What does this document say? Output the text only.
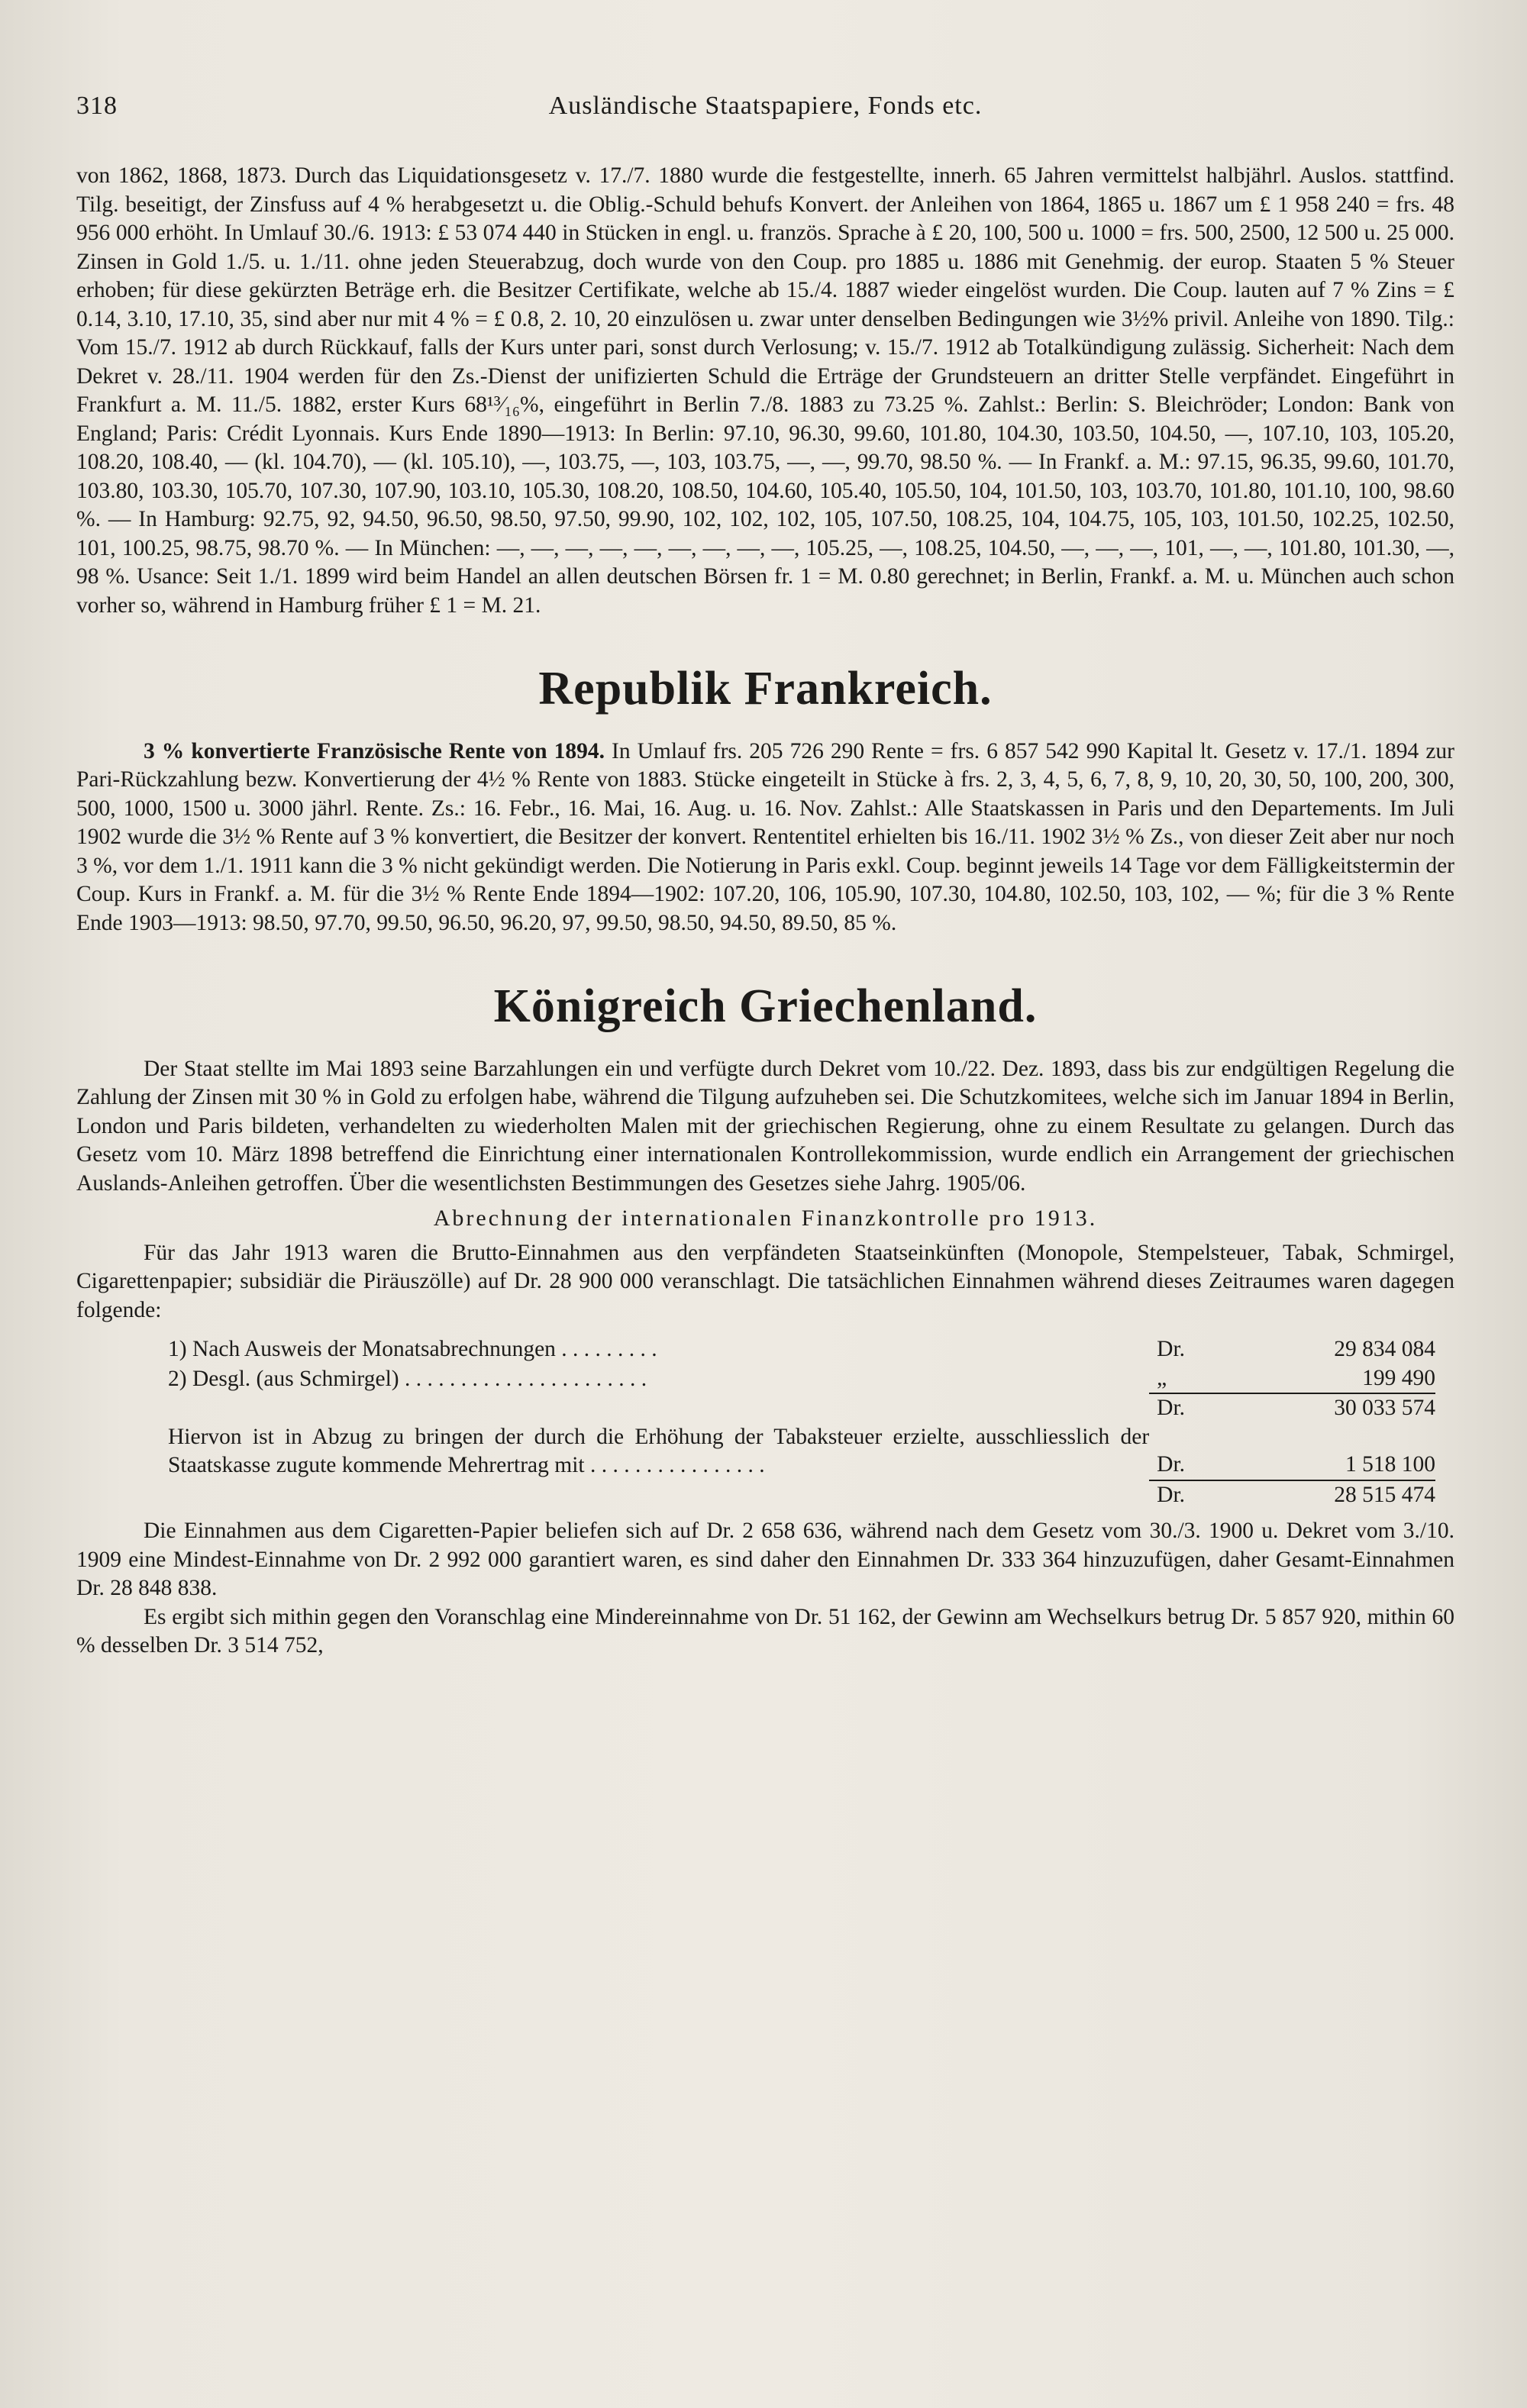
318	Ausländische Staatspapiere, Fonds etc.

von 1862, 1868, 1873. Durch das Liquidationsgesetz v. 17./7. 1880 wurde die festgestellte, innerh. 65 Jahren vermittelst halbjährl. Auslos. stattfind. Tilg. beseitigt, der Zinsfuss auf 4 % herabgesetzt u. die Oblig.-Schuld behufs Konvert. der Anleihen von 1864, 1865 u. 1867 um £ 1 958 240 = frs. 48 956 000 erhöht. In Umlauf 30./6. 1913: £ 53 074 440 in Stücken in engl. u. französ. Sprache à £ 20, 100, 500 u. 1000 = frs. 500, 2500, 12 500 u. 25 000. Zinsen in Gold 1./5. u. 1./11. ohne jeden Steuerabzug, doch wurde von den Coup. pro 1885 u. 1886 mit Genehmig. der europ. Staaten 5 % Steuer erhoben; für diese gekürzten Beträge erh. die Besitzer Certifikate, welche ab 15./4. 1887 wieder eingelöst wurden. Die Coup. lauten auf 7 % Zins = £ 0.14, 3.10, 17.10, 35, sind aber nur mit 4 % = £ 0.8, 2. 10, 20 einzulösen u. zwar unter denselben Bedingungen wie 3½% privil. Anleihe von 1890. Tilg.: Vom 15./7. 1912 ab durch Rückkauf, falls der Kurs unter pari, sonst durch Verlosung; v. 15./7. 1912 ab Totalkündigung zulässig. Sicherheit: Nach dem Dekret v. 28./11. 1904 werden für den Zs.-Dienst der unifizierten Schuld die Erträge der Grundsteuern an dritter Stelle verpfändet. Eingeführt in Frankfurt a. M. 11./5. 1882, erster Kurs 68¹³⁄₁₆%, eingeführt in Berlin 7./8. 1883 zu 73.25 %. Zahlst.: Berlin: S. Bleichröder; London: Bank von England; Paris: Crédit Lyonnais. Kurs Ende 1890—1913: In Berlin: 97.10, 96.30, 99.60, 101.80, 104.30, 103.50, 104.50, —, 107.10, 103, 105.20, 108.20, 108.40, — (kl. 104.70), — (kl. 105.10), —, 103.75, —, 103, 103.75, —, —, 99.70, 98.50 %. — In Frankf. a. M.: 97.15, 96.35, 99.60, 101.70, 103.80, 103.30, 105.70, 107.30, 107.90, 103.10, 105.30, 108.20, 108.50, 104.60, 105.40, 105.50, 104, 101.50, 103, 103.70, 101.80, 101.10, 100, 98.60 %. — In Hamburg: 92.75, 92, 94.50, 96.50, 98.50, 97.50, 99.90, 102, 102, 102, 105, 107.50, 108.25, 104, 104.75, 105, 103, 101.50, 102.25, 102.50, 101, 100.25, 98.75, 98.70 %. — In München: —, —, —, —, —, —, —, —, —, 105.25, —, 108.25, 104.50, —, —, —, 101, —, —, 101.80, 101.30, —, 98 %. Usance: Seit 1./1. 1899 wird beim Handel an allen deutschen Börsen fr. 1 = M. 0.80 gerechnet; in Berlin, Frankf. a. M. u. München auch schon vorher so, während in Hamburg früher £ 1 = M. 21.

Republik Frankreich.

3 % konvertierte Französische Rente von 1894. In Umlauf frs. 205 726 290 Rente = frs. 6 857 542 990 Kapital lt. Gesetz v. 17./1. 1894 zur Pari-Rückzahlung bezw. Konvertierung der 4½ % Rente von 1883. Stücke eingeteilt in Stücke à frs. 2, 3, 4, 5, 6, 7, 8, 9, 10, 20, 30, 50, 100, 200, 300, 500, 1000, 1500 u. 3000 jährl. Rente. Zs.: 16. Febr., 16. Mai, 16. Aug. u. 16. Nov. Zahlst.: Alle Staatskassen in Paris und den Departements. Im Juli 1902 wurde die 3½ % Rente auf 3 % konvertiert, die Besitzer der konvert. Rententitel erhielten bis 16./11. 1902 3½ % Zs., von dieser Zeit aber nur noch 3 %, vor dem 1./1. 1911 kann die 3 % nicht gekündigt werden. Die Notierung in Paris exkl. Coup. beginnt jeweils 14 Tage vor dem Fälligkeitstermin der Coup. Kurs in Frankf. a. M. für die 3½ % Rente Ende 1894—1902: 107.20, 106, 105.90, 107.30, 104.80, 102.50, 103, 102, — %; für die 3 % Rente Ende 1903—1913: 98.50, 97.70, 99.50, 96.50, 96.20, 97, 99.50, 98.50, 94.50, 89.50, 85 %.

Königreich Griechenland.

Der Staat stellte im Mai 1893 seine Barzahlungen ein und verfügte durch Dekret vom 10./22. Dez. 1893, dass bis zur endgültigen Regelung die Zahlung der Zinsen mit 30 % in Gold zu erfolgen habe, während die Tilgung aufzuheben sei. Die Schutzkomitees, welche sich im Januar 1894 in Berlin, London und Paris bildeten, verhandelten zu wiederholten Malen mit der griechischen Regierung, ohne zu einem Resultate zu gelangen. Durch das Gesetz vom 10. März 1898 betreffend die Einrichtung einer internationalen Kontrollekommission, wurde endlich ein Arrangement der griechischen Auslands-Anleihen getroffen. Über die wesentlichsten Bestimmungen des Gesetzes siehe Jahrg. 1905/06.

Abrechnung der internationalen Finanzkontrolle pro 1913.

Für das Jahr 1913 waren die Brutto-Einnahmen aus den verpfändeten Staatseinkünften (Monopole, Stempelsteuer, Tabak, Schmirgel, Cigarettenpapier; subsidiär die Piräuszölle) auf Dr. 28 900 000 veranschlagt. Die tatsächlichen Einnahmen während dieses Zeitraumes waren dagegen folgende:

1) Nach Ausweis der Monatsabrechnungen . . . . . . . . .	Dr.	29 834 084
2) Desgl. (aus Schmirgel) . . . . . . . . . . . . . . . . . . . . . .	„	199 490
	Dr.	30 033 574
Hiervon ist in Abzug zu bringen der durch die Erhöhung der Tabaksteuer erzielte, ausschliesslich der Staatskasse zugute kommende Mehrertrag mit . . . . . . . . . . . . . . . .	Dr.	1 518 100
	Dr.	28 515 474

Die Einnahmen aus dem Cigaretten-Papier beliefen sich auf Dr. 2 658 636, während nach dem Gesetz vom 30./3. 1900 u. Dekret vom 3./10. 1909 eine Mindest-Einnahme von Dr. 2 992 000 garantiert waren, es sind daher den Einnahmen Dr. 333 364 hinzuzufügen, daher Gesamt-Einnahmen Dr. 28 848 838.

Es ergibt sich mithin gegen den Voranschlag eine Mindereinnahme von Dr. 51 162, der Gewinn am Wechselkurs betrug Dr. 5 857 920, mithin 60 % desselben Dr. 3 514 752,
